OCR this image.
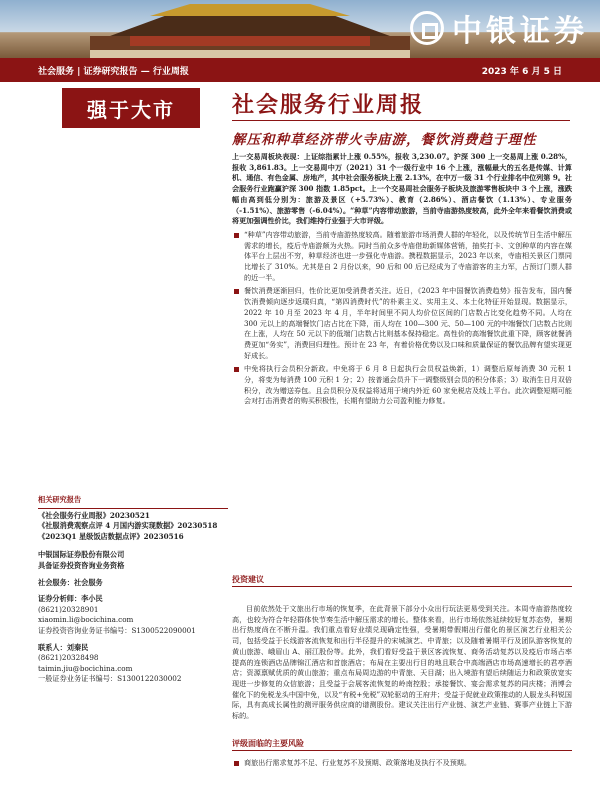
中银证券
社会服务 | 证券研究报告 — 行业周报	2023 年 6 月 5 日
强于大市	社会服务行业周报
解压和种草经济带火寺庙游，餐饮消费趋于理性

上一交易周板块表现：上证综指累计上涨 0.55%，报收 3,230.07。沪深 300 上一交易周上涨 0.28%，报收 3,861.83。上一交易周中万（2021）31 个一级行业中 16 个上涨，涨幅最大的五名是传媒、计算机、通信、有色金属、房地产，其中社会服务板块上涨 2.13%，在中万一级 31 个行业排名中位列第 9。社会服务行业跑赢沪深 300 指数 1.85pct。上一个交易周社会服务子板块及旅游零售板块中 3 个上涨，涨跌幅由高到低分别为：旅游及景区（+5.73%）、教育（2.86%）、酒店餐饮（1.13%）、专业服务（-1.51%）、旅游零售（-6.04%）。“种草”内容带动旅游，当前寺庙游热度较高，此外全年来看餐饮消费或将更加强调性价比，我们维持行业强于大市评级。

“种草”内容带动旅游，当前寺庙游热度较高。随着旅游市场消费人群的年轻化，以及传统节日生活中解压需求的增长，疫后寺庙游颇为火热。同时当前众多寺庙借助新媒体营销，抽奖打卡、文创种草的内容在媒体平台上层出不穷，种草经济也进一步强化寺庙游。携程数据显示，2023 年以来，寺庙相关景区门票同比增长了 310%。尤其是自 2 月份以来，90 后和 00 后已经成为了寺庙游客的主力军，占预订门票人群的近一半。
餐饮消费逐渐回归，性价比更加受消费者关注。近日，《2023 年中国餐饮消费趋势》报告发布，国内餐饮消费倾向逐步返璞归真，“第四消费时代”的朴素主义、实用主义、本土化特征开始显现。数据显示，2022 年 10 月至 2023 年 4 月，半年时间里不同人均价位区间的门店数占比变化趋势不同。人均在 300 元以上的高端餐饮门店占比在下降，而人均在 100—300 元、50—100 元的中端餐饮门店数占比则在上涨，人均在 50 元以下的低端门店数占比则基本保持稳定。高性价的高端餐饮此重下降，顾客就餐消费更加“务实”，消费回归理性。预计在 23 年，有着价格优势以及口味和质量保证的餐饮品牌有望实现更好成长。
中免将执行会员积分新政。中免将于 6 月 8 日起执行会员权益焕新，1）调整后原每消费 30 元积 1 分，将变为每消费 100 元积 1 分；2）按普通会员升下一调整级别会员的积分体系；3）取消生日月双倍积分，改为赠送券包。且会员积分及权益将适用于境内外近 60 家免税店及线上平台。此次调整短期可能会对打击消费者的购买积极性，长期有望助力公司盈利能力修复。
投资建议
目前依然处于文旅出行市场的恢复季，在此背景下部分小众出行玩法更易受到关注。本周寺庙游热度较高，也较为符合年轻群体快节奏生活中解压需求的增长。整体来看，出行市场依然延续较好复苏态势，暑期出行热度尚在不断升温。我们重点看好业绩兑现确定性强，受暑期带假期出行催化的景区演艺行业相关公司，包括受益于长线游客流恢复和出行半径提升的宋城演艺、中青旅；以及随着暑期平行及团队游客恢复的黄山旅游、峨眉山 A、丽江股份等。此外，我们看好受益于景区客流恢复、商务活动复苏以及疫后市场占率提高的连锁酒店品牌锦江酒店和首旅酒店；布局在主要出行目的地且联合中高端酒店市场高速增长的君亭酒店；资源禀赋优质的黄山旅游；重点布局周边游的中青旅、天目湖；出入境游有望后续随运力和政策放宽实现进一步修复的众信旅游；且受益于会展客流恢复的岭南控股；承接餐饮、宴会需求复苏的同庆楼；消博会催化下的免税龙头中国中免，以及“有税+免税”双轮驱动的王府井；受益于促就业政策推动的人服龙头科锐国际，具有高成长属性的测评服务供应商的谱测股份。建议关注出行产业链、演艺产业链、赛事产业链上下游标的。
评级面临的主要风险
商旅出行需求复苏不足、行业复苏不及预期、政策落地及执行不及预期。
相关研究报告
《社会服务行业周报》20230521
《社服消费观察点评 4 月国内游实现数据》20230518
《2023Q1 星级饭店数据点评》20230516
中银国际证券股份有限公司
具备证券投资咨询业务资格
社会服务：社会服务
证券分析师：李小民
(8621)20328901
xiaomin.li@bocichina.com
证券投资咨询业务证书编号：S1300522090001
联系人：刘秦民
(8621)20328498
taimin.jiu@bocichina.com
一般证券业务证书编号：S1300122030002
